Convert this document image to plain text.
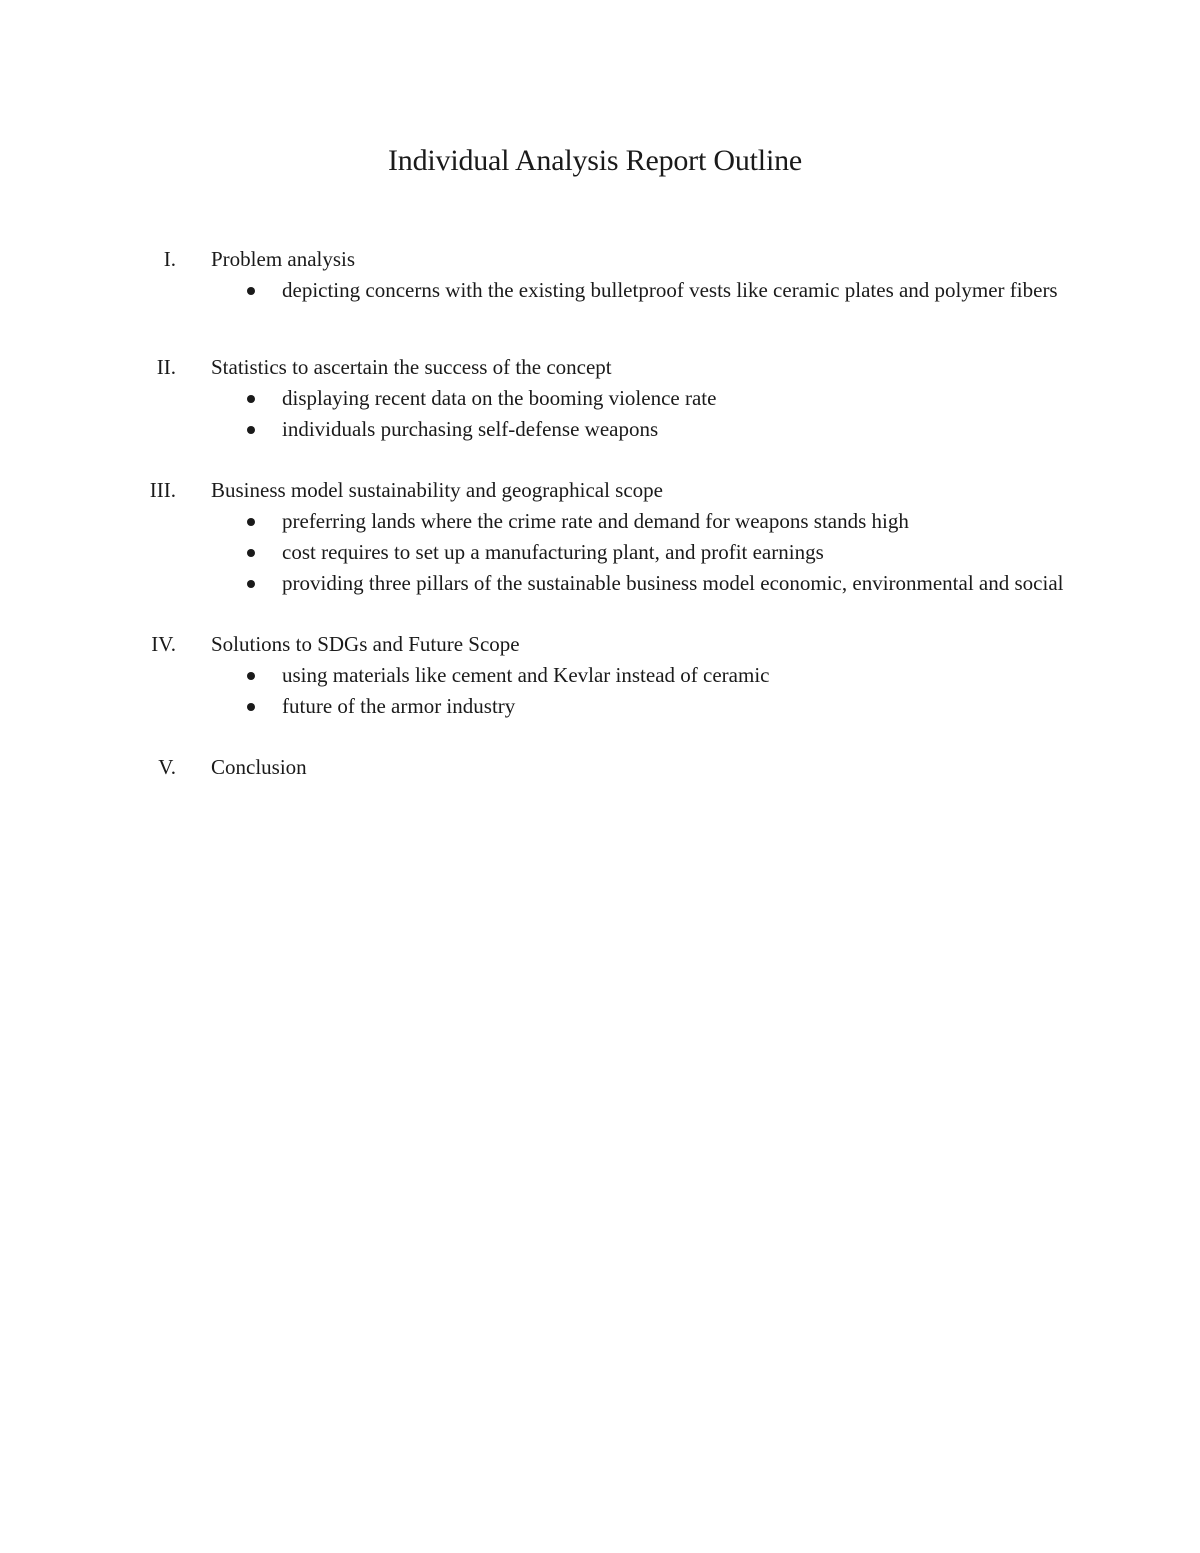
Individual Analysis Report Outline
I. Problem analysis
depicting concerns with the existing bulletproof vests like ceramic plates and polymer fibers
II. Statistics to ascertain the success of the concept
displaying recent data on the booming violence rate
individuals purchasing self-defense weapons
III. Business model sustainability and geographical scope
preferring lands where the crime rate and demand for weapons stands high
cost requires to set up a manufacturing plant, and profit earnings
providing three pillars of the sustainable business model economic, environmental and social
IV. Solutions to SDGs and Future Scope
using materials like cement and Kevlar instead of ceramic
future of the armor industry
V. Conclusion
